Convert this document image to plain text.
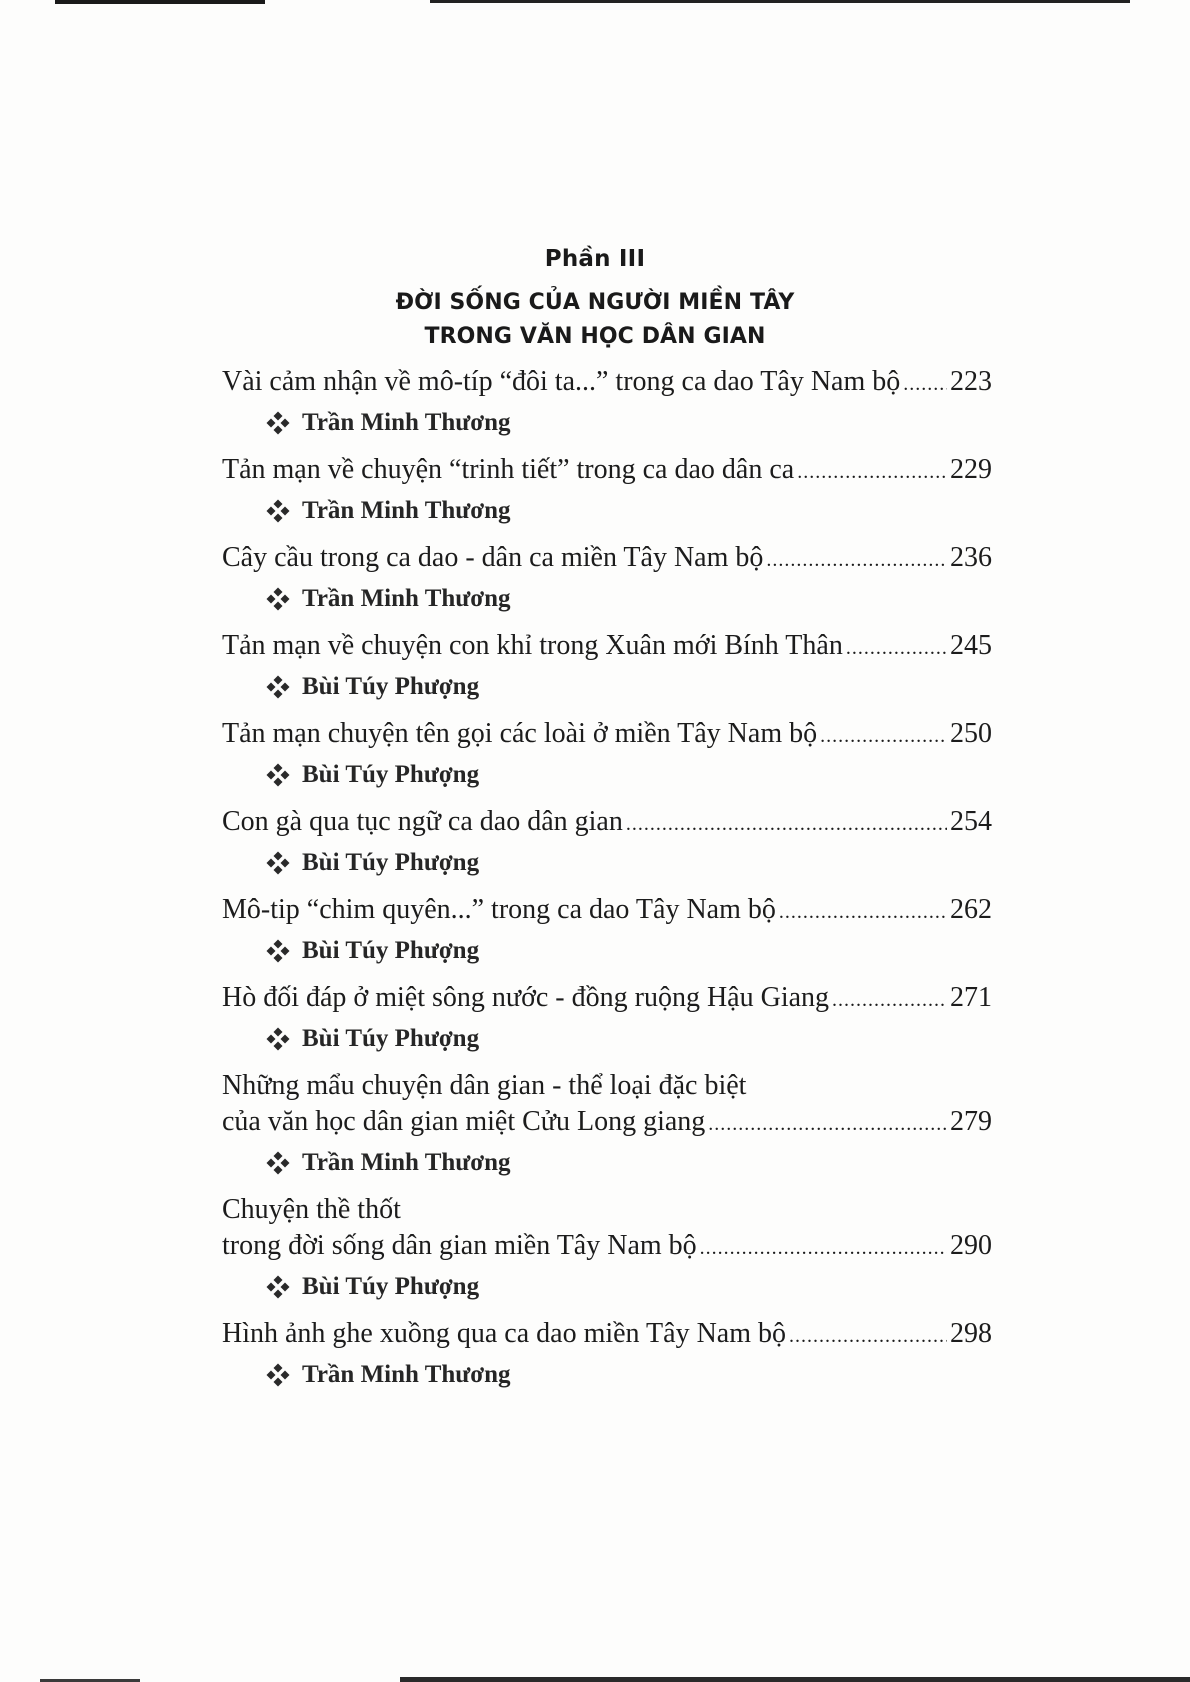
Phần III
ĐỜI SỐNG CỦA NGƯỜI MIỀN TÂY
TRONG VĂN HỌC DÂN GIAN
Vài cảm nhận về mô-típ “đôi ta...” trong ca dao Tây Nam bộ ..... 223
Trần Minh Thương
Tản mạn về chuyện “trinh tiết” trong ca dao dân ca .....	229
Trần Minh Thương
Cây cầu trong ca dao - dân ca miền Tây Nam bộ .....	236
Trần Minh Thương
Tản mạn về chuyện con khỉ trong Xuân mới Bính Thân .....	245
Bùi Túy Phượng
Tản mạn chuyện tên gọi các loài ở miền Tây Nam bộ .....	250
Bùi Túy Phượng
Con gà qua tục ngữ ca dao dân gian .....	254
Bùi Túy Phượng
Mô-tip “chim quyên...” trong ca dao Tây Nam bộ .....	262
Bùi Túy Phượng
Hò đối đáp ở miệt sông nước - đồng ruộng Hậu Giang .....	271
Bùi Túy Phượng
Những mẩu chuyện dân gian - thể loại đặc biệt
của văn học dân gian miệt Cửu Long giang .....	279
Trần Minh Thương
Chuyện thề thốt
trong đời sống dân gian miền Tây Nam bộ .....	290
Bùi Túy Phượng
Hình ảnh ghe xuồng qua ca dao miền Tây Nam bộ .....	298
Trần Minh Thương
